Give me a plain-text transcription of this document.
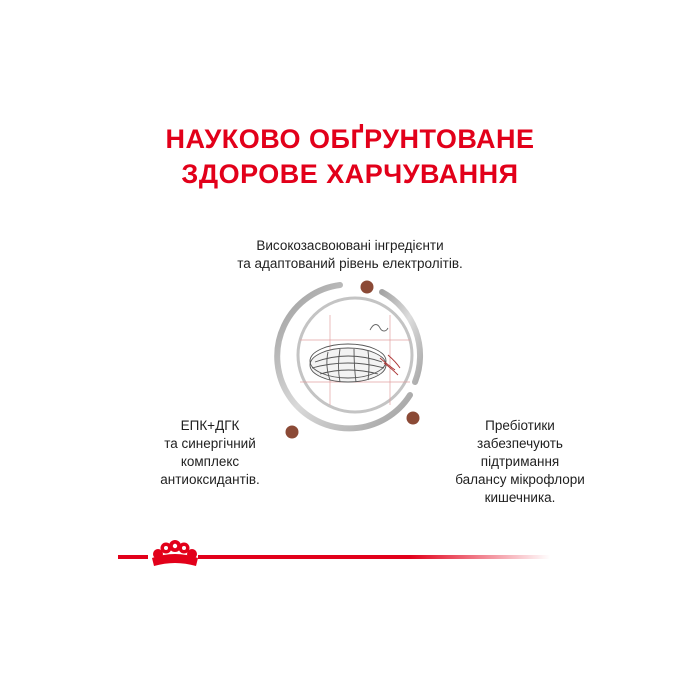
НАУКОВО ОБҐРУНТОВАНЕ
ЗДОРОВЕ ХАРЧУВАННЯ
Високозасвоювані інгредієнти
та адаптований рівень електролітів.
ЕПК+ДГК
та синергічний
комплекс
антиоксидантів.
Пребіотики
забезпечують
підтримання
балансу мікрофлори
кишечника.
